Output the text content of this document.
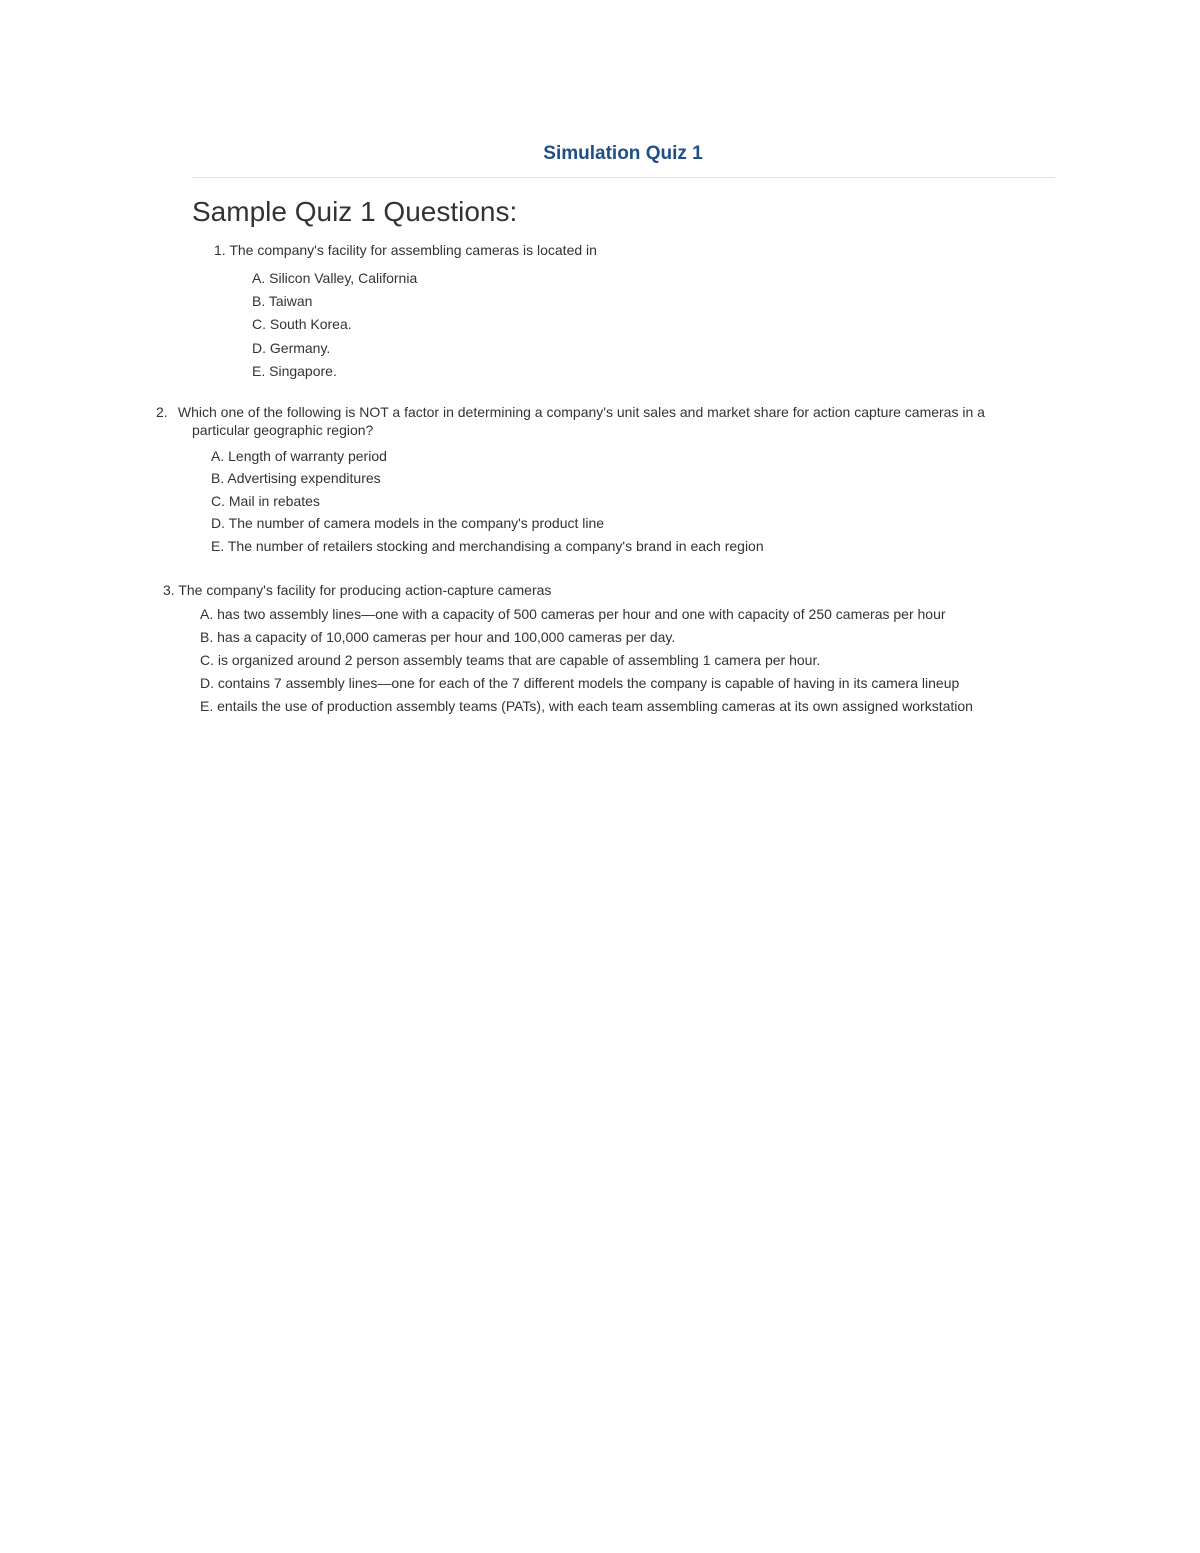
Simulation Quiz 1
Sample Quiz 1 Questions:

1. The company's facility for assembling cameras is located in

A. Silicon Valley, California
B. Taiwan
C. South Korea.
D. Germany.
E. Singapore.

2. Which one of the following is NOT a factor in determining a company's unit sales and market share for action capture cameras in a particular geographic region?

A. Length of warranty period
B. Advertising expenditures
C. Mail in rebates
D. The number of camera models in the company's product line
E. The number of retailers stocking and merchandising a company's brand in each region

3. The company's facility for producing action-capture cameras

A. has two assembly lines—one with a capacity of 500 cameras per hour and one with capacity of 250 cameras per hour
B. has a capacity of 10,000 cameras per hour and 100,000 cameras per day.
C. is organized around 2 person assembly teams that are capable of assembling 1 camera per hour.
D. contains 7 assembly lines—one for each of the 7 different models the company is capable of having in its camera lineup
E. entails the use of production assembly teams (PATs), with each team assembling cameras at its own assigned workstation
